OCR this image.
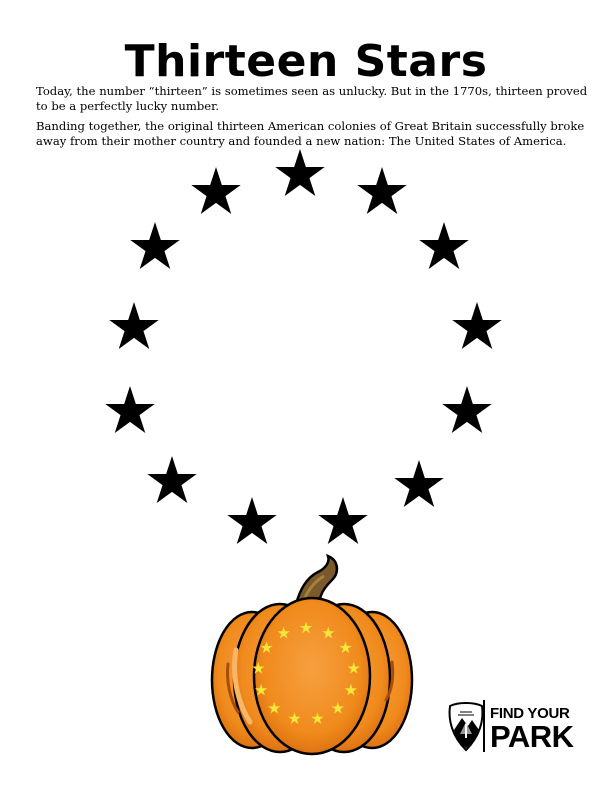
Thirteen Stars

Today, the number “thirteen” is sometimes seen as unlucky. But in the 1770s, thirteen proved to be a perfectly lucky number.

Banding together, the original thirteen American colonies of Great Britain successfully broke away from their mother country and founded a new nation: The United States of America.

FIND YOUR
PARK
